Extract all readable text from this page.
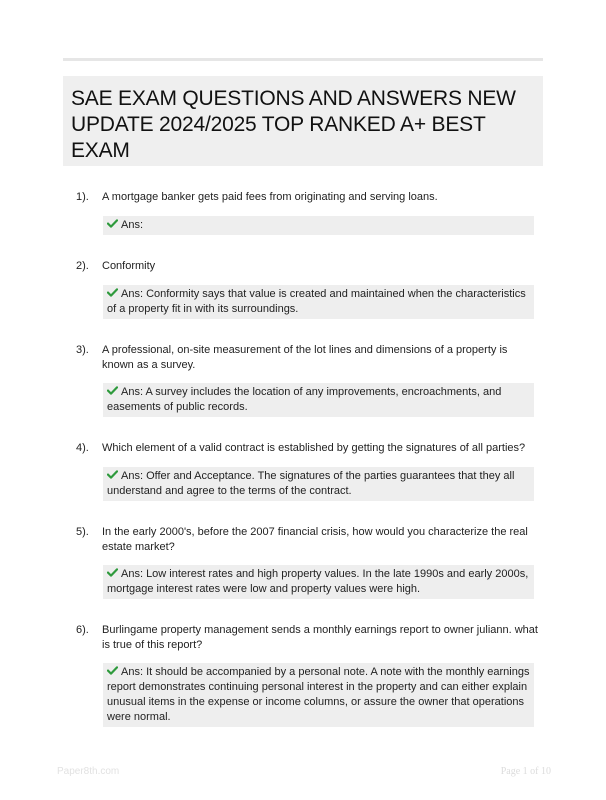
SAE EXAM QUESTIONS AND ANSWERS NEW UPDATE 2024/2025 TOP RANKED A+ BEST EXAM
1). A mortgage banker gets paid fees from originating and serving loans.

Ans:
2). Conformity

Ans: Conformity says that value is created and maintained when the characteristics of a property fit in with its surroundings.
3). A professional, on-site measurement of the lot lines and dimensions of a property is known as a survey.

Ans: A survey includes the location of any improvements, encroachments, and easements of public records.
4). Which element of a valid contract is established by getting the signatures of all parties?

Ans: Offer and Acceptance. The signatures of the parties guarantees that they all understand and agree to the terms of the contract.
5). In the early 2000's, before the 2007 financial crisis, how would you characterize the real estate market?

Ans: Low interest rates and high property values. In the late 1990s and early 2000s, mortgage interest rates were low and property values were high.
6). Burlingame property management sends a monthly earnings report to owner juliann. what is true of this report?

Ans: It should be accompanied by a personal note. A note with the monthly earnings report demonstrates continuing personal interest in the property and can either explain unusual items in the expense or income columns, or assure the owner that operations were normal.
Paper8th.com	Page 1 of 10
